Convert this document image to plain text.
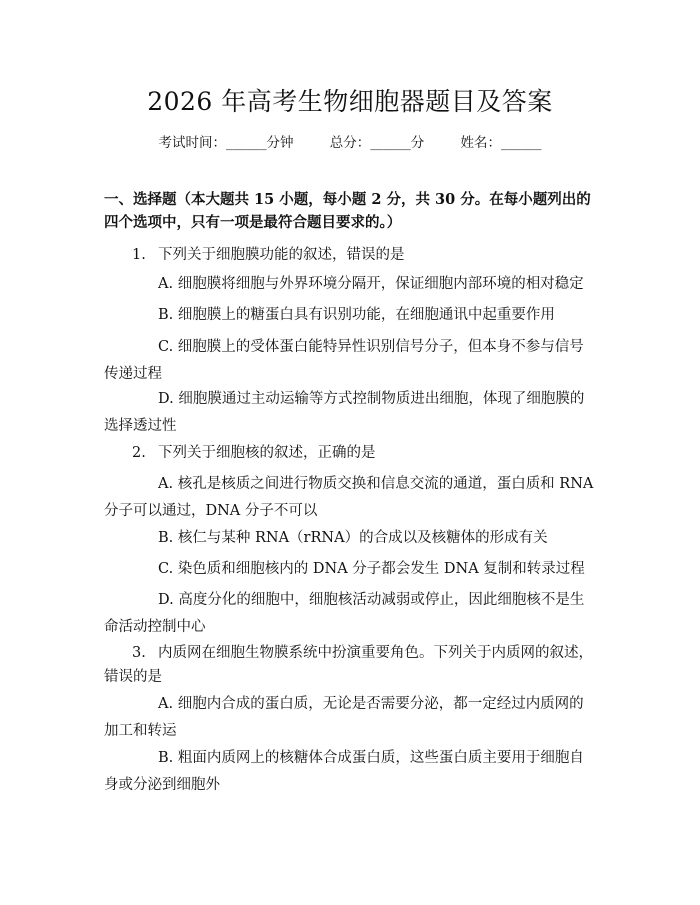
2026 年高考生物细胞器题目及答案
考试时间：______分钟	总分：______分	姓名：______
一、选择题（本大题共 15 小题，每小题 2 分，共 30 分。在每小题列出的四个选项中，只有一项是最符合题目要求的。）
1. 下列关于细胞膜功能的叙述，错误的是
A. 细胞膜将细胞与外界环境分隔开，保证细胞内部环境的相对稳定
B. 细胞膜上的糖蛋白具有识别功能，在细胞通讯中起重要作用
C. 细胞膜上的受体蛋白能特异性识别信号分子，但本身不参与信号传递过程
D. 细胞膜通过主动运输等方式控制物质进出细胞，体现了细胞膜的选择透过性
2. 下列关于细胞核的叙述，正确的是
A. 核孔是核质之间进行物质交换和信息交流的通道，蛋白质和 RNA 分子可以通过，DNA 分子不可以
B. 核仁与某种 RNA（rRNA）的合成以及核糖体的形成有关
C. 染色质和细胞核内的 DNA 分子都会发生 DNA 复制和转录过程
D. 高度分化的细胞中，细胞核活动减弱或停止，因此细胞核不是生命活动控制中心
3. 内质网在细胞生物膜系统中扮演重要角色。下列关于内质网的叙述，错误的是
A. 细胞内合成的蛋白质，无论是否需要分泌，都一定经过内质网的加工和转运
B. 粗面内质网上的核糖体合成蛋白质，这些蛋白质主要用于细胞自身或分泌到细胞外
